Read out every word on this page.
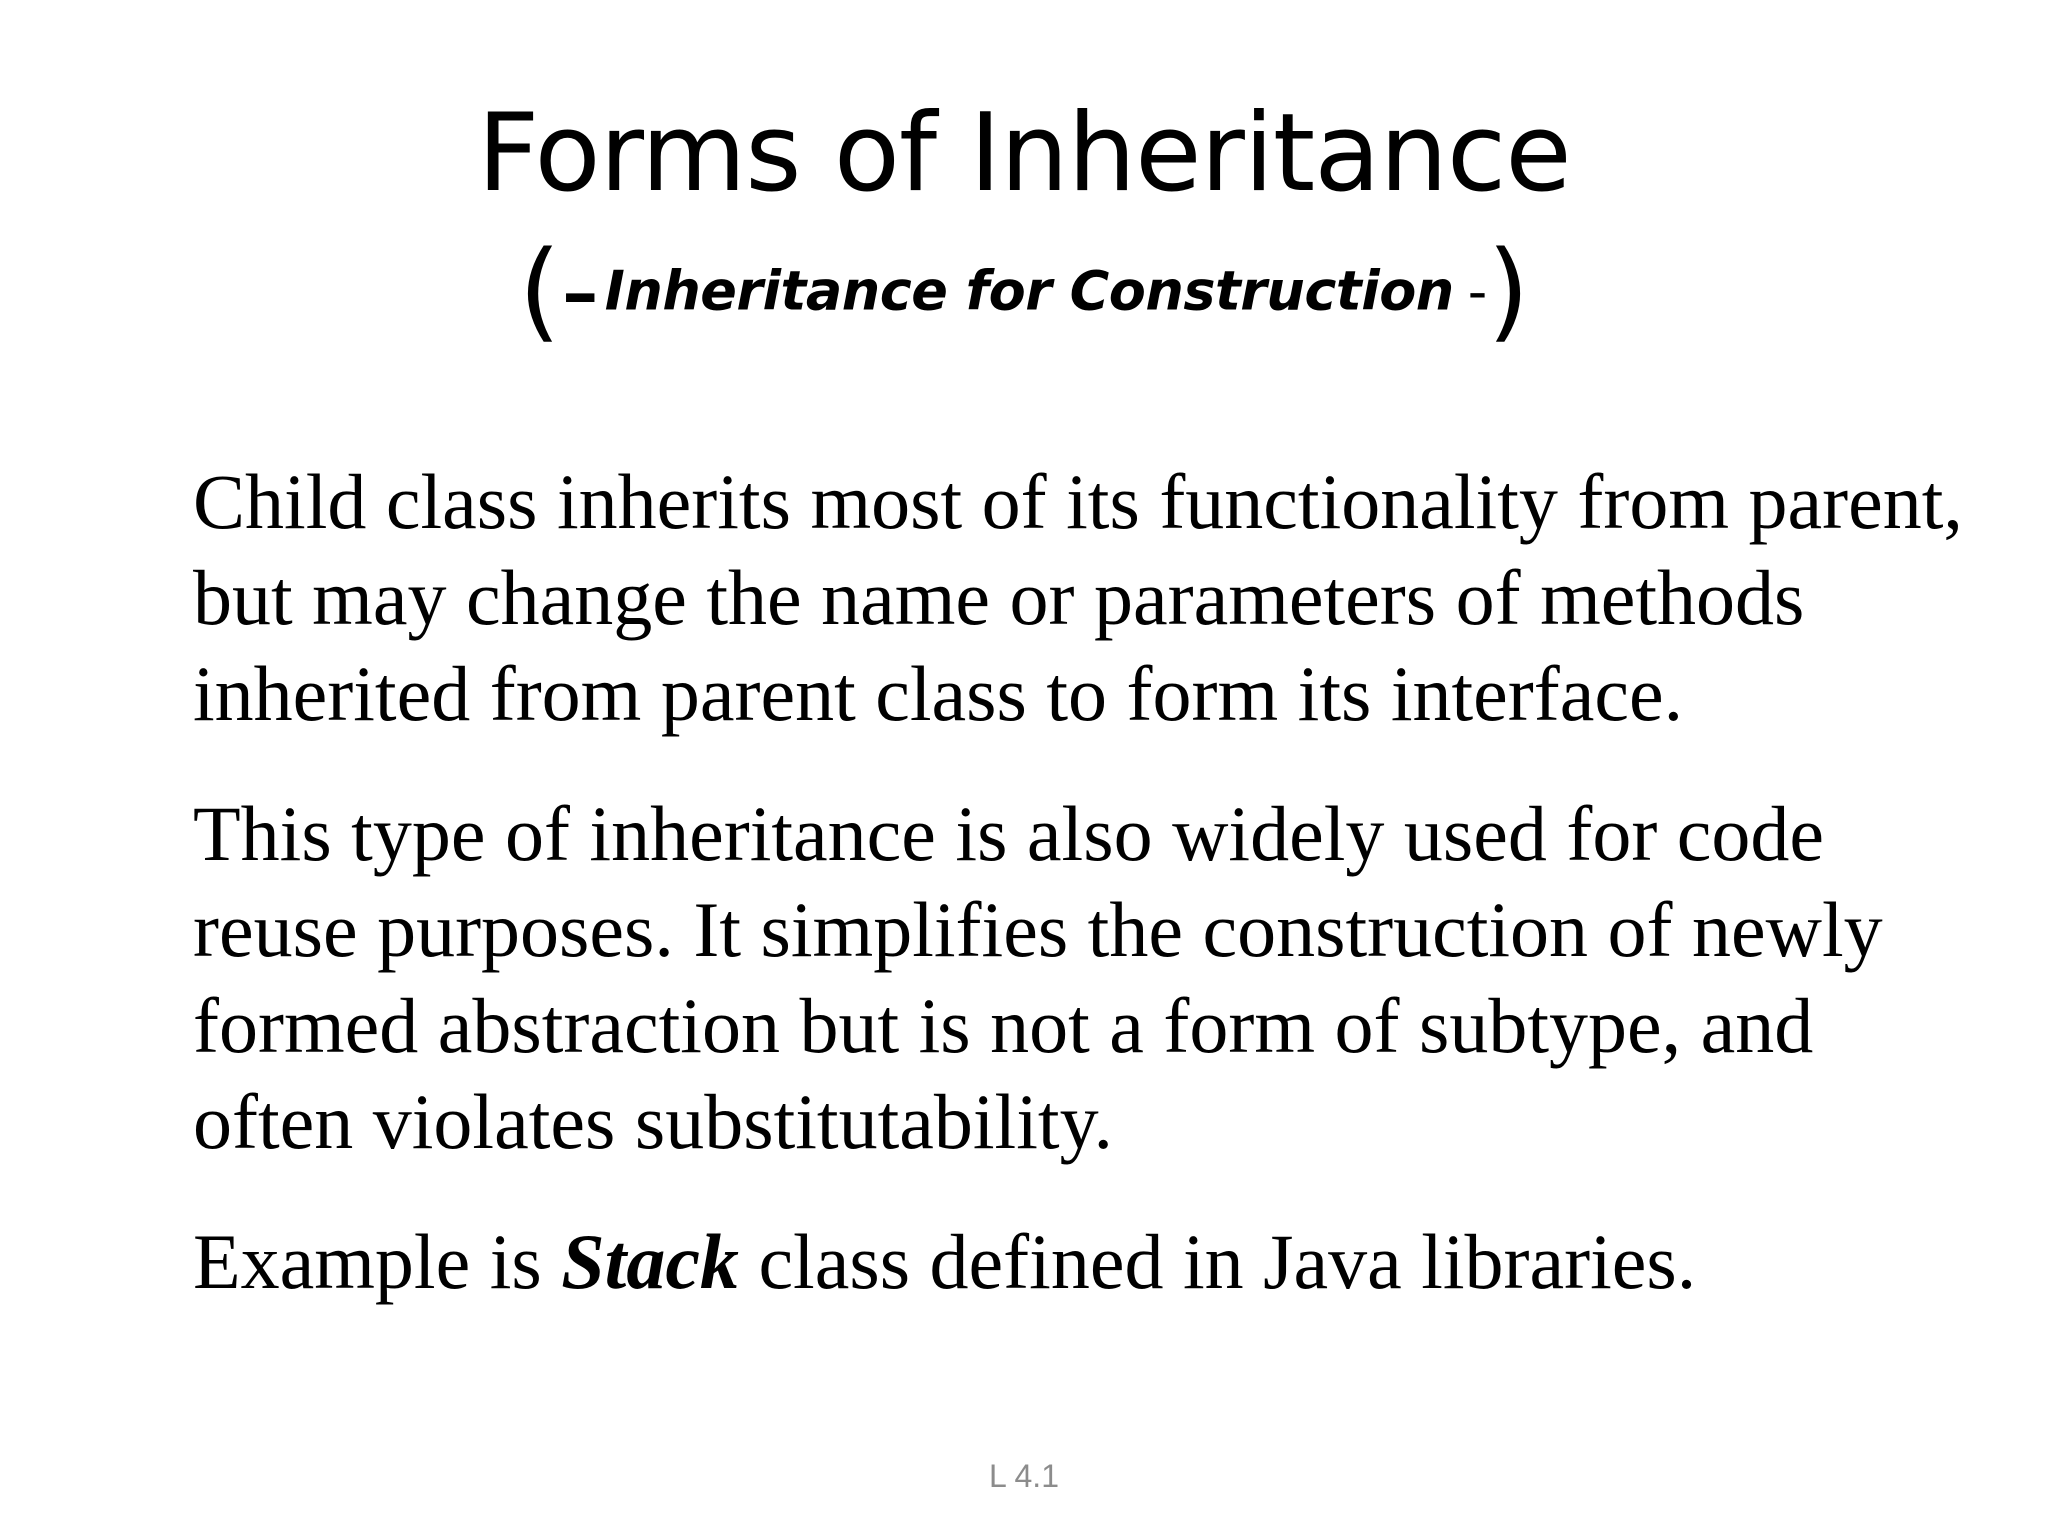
Forms of Inheritance
(- Inheritance for Construction -)

Child class inherits most of its functionality from parent,
but may change the name or parameters of methods
inherited from parent class to form its interface.

This type of inheritance is also widely used for code
reuse purposes. It simplifies the construction of newly
formed abstraction but is not a form of subtype, and
often violates substitutability.

Example is Stack class defined in Java libraries.

L 4.1
